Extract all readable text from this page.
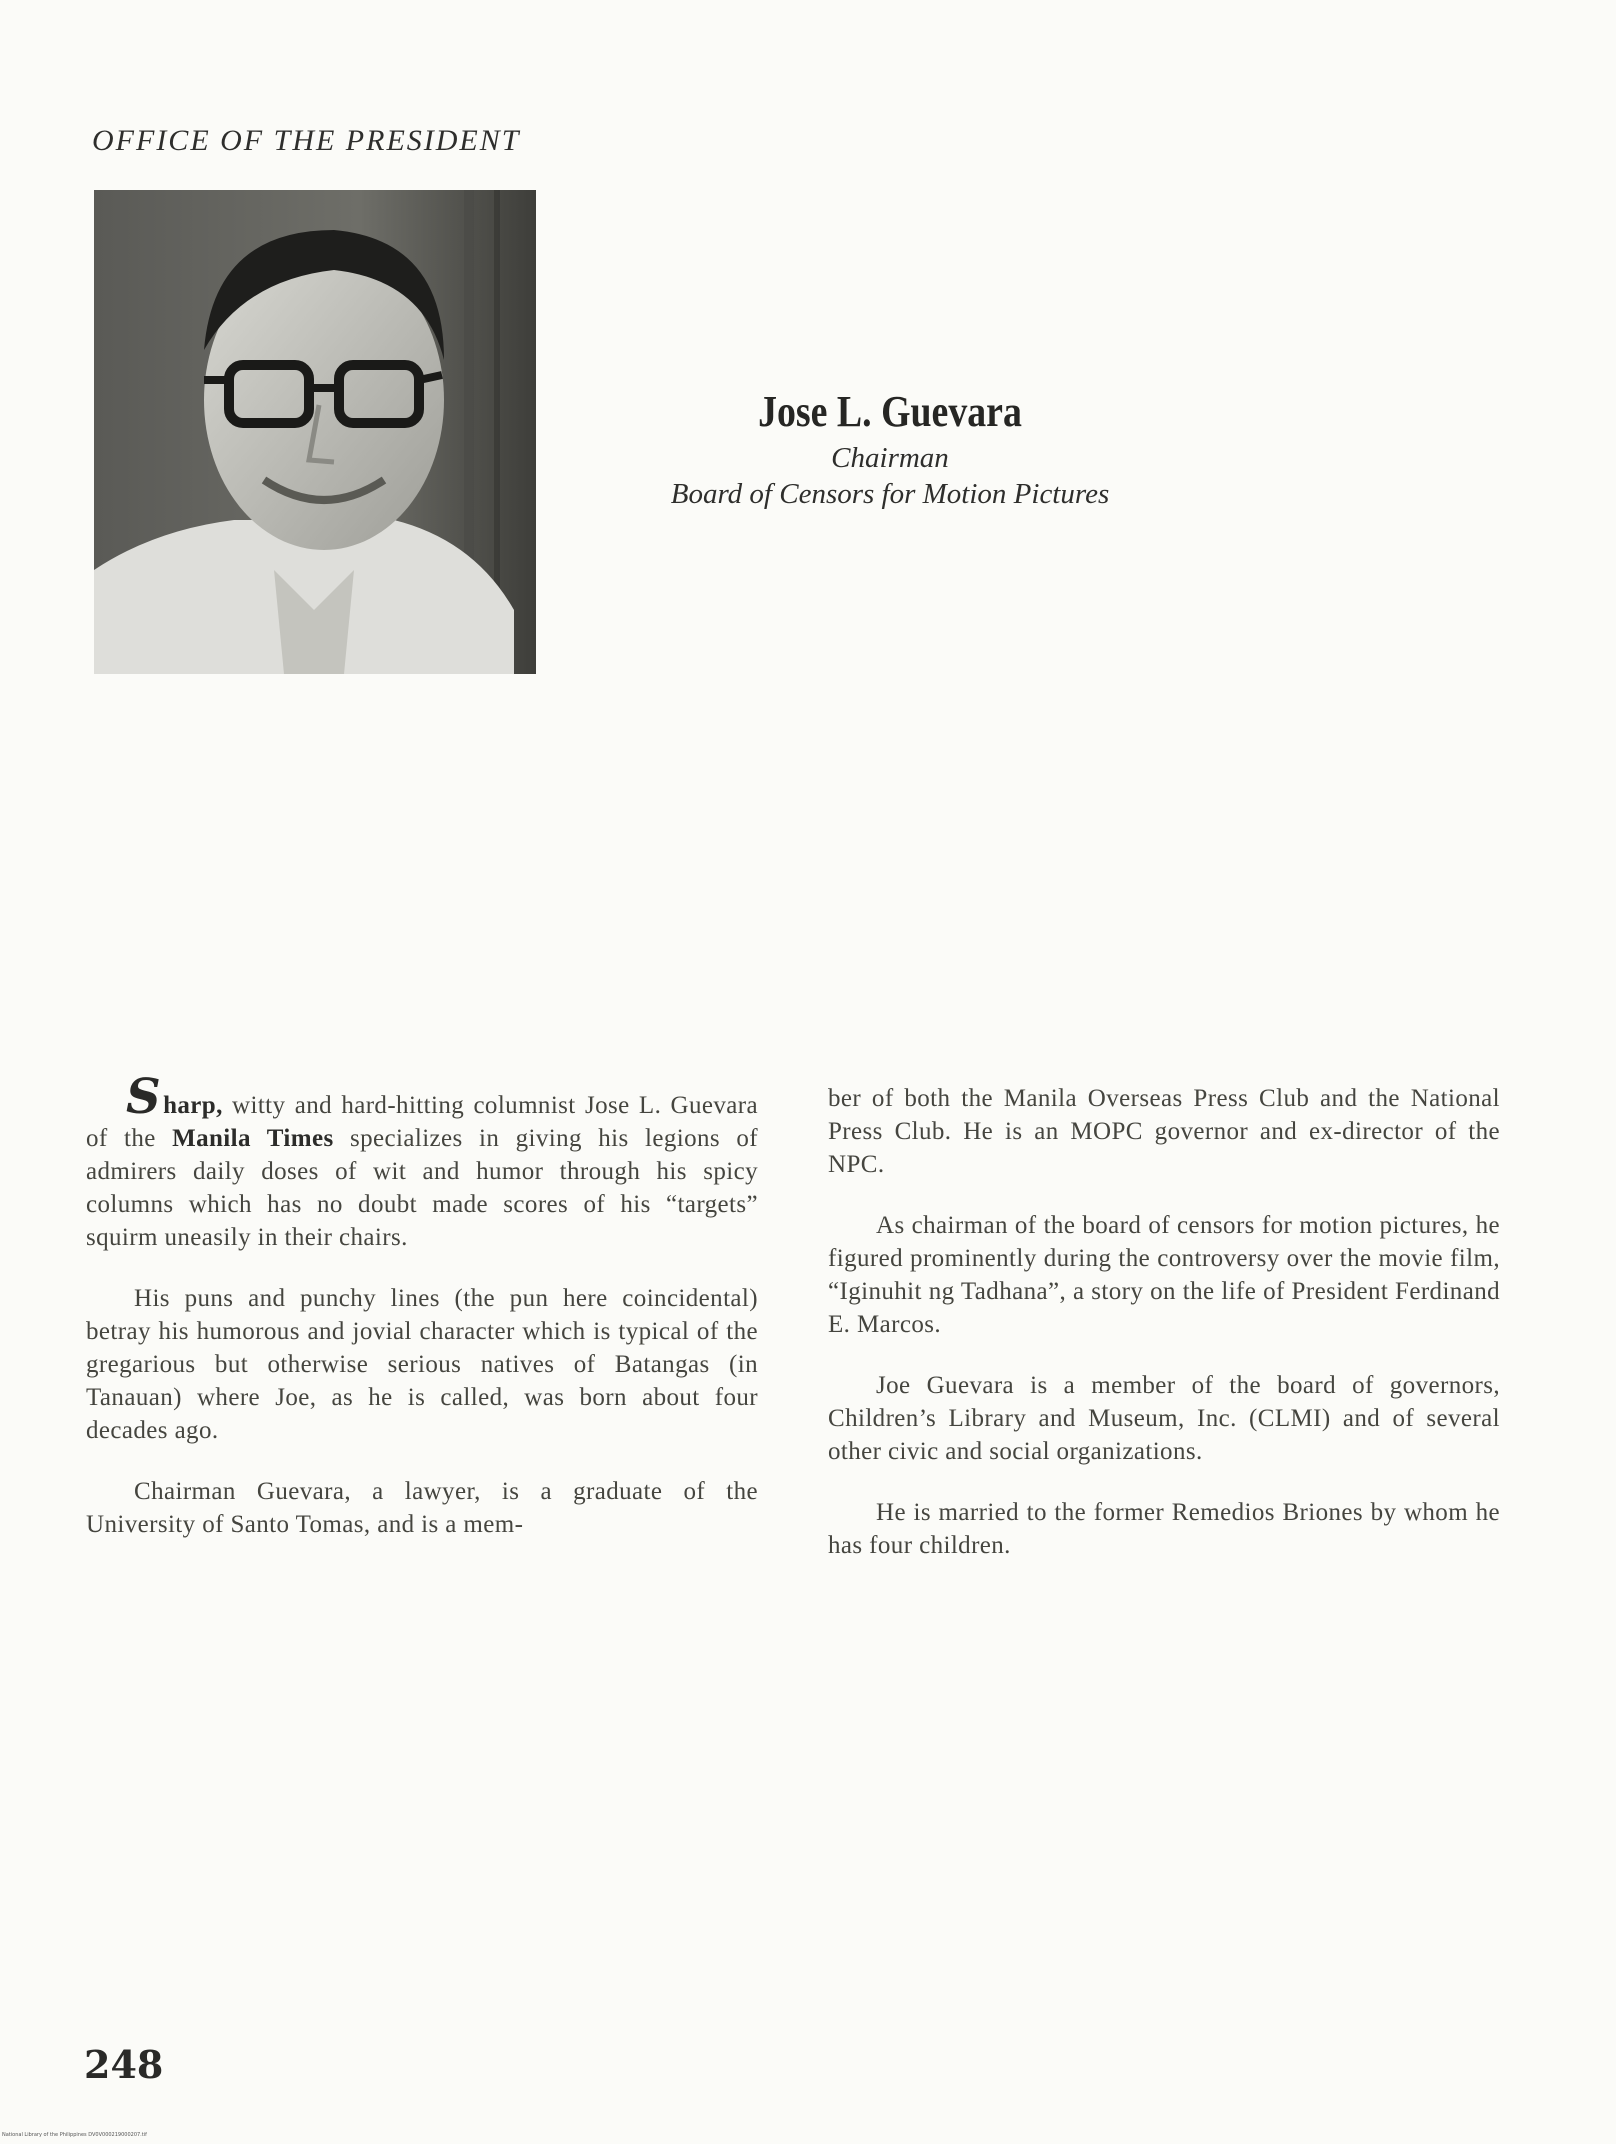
OFFICE OF THE PRESIDENT
Jose L. Guevara
Chairman
Board of Censors for Motion Pictures

Sharp, witty and hard-hitting columnist Jose L. Guevara of the Manila Times specializes in giving his legions of admirers daily doses of wit and humor through his spicy columns which has no doubt made scores of his “targets” squirm uneasily in their chairs.

His puns and punchy lines (the pun here coincidental) betray his humorous and jovial character which is typical of the gregarious but otherwise serious natives of Batangas (in Tanauan) where Joe, as he is called, was born about four decades ago.

Chairman Guevara, a lawyer, is a graduate of the University of Santo Tomas, and is a mem-

ber of both the Manila Overseas Press Club and the National Press Club. He is an MOPC governor and ex-director of the NPC.

As chairman of the board of censors for motion pictures, he figured prominently during the controversy over the movie film, “Iginuhit ng Tadhana”, a story on the life of President Ferdinand E. Marcos.

Joe Guevara is a member of the board of governors, Children’s Library and Museum, Inc. (CLMI) and of several other civic and social organizations.

He is married to the former Remedios Briones by whom he has four children.

248
National Library of the Philippines DV0V000219000207.tif
